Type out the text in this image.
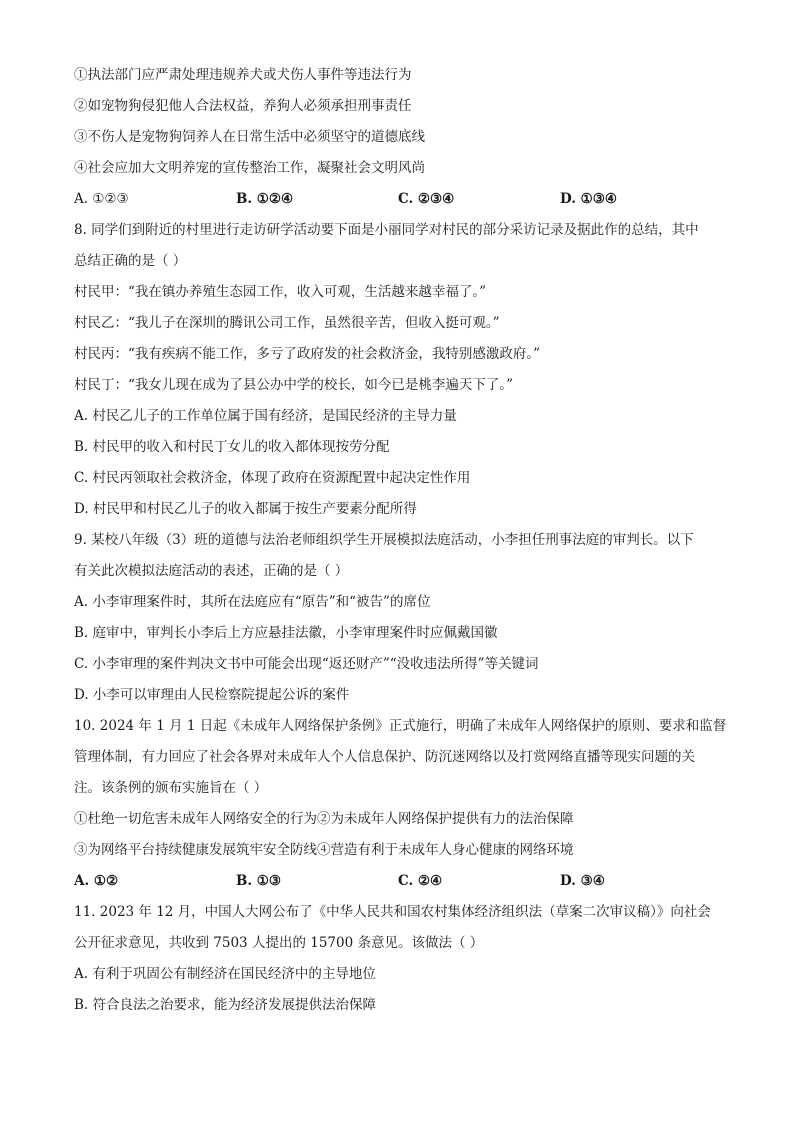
①执法部门应严肃处理违规养犬或犬伤人事件等违法行为
②如宠物狗侵犯他人合法权益，养狗人必须承担刑事责任
③不伤人是宠物狗饲养人在日常生活中必须坚守的道德底线
④社会应加大文明养宠的宣传整治工作，凝聚社会文明风尚
A. ①②③	B. ①②④	C. ②③④	D. ①③④
8. 同学们到附近的村里进行走访研学活动要下面是小丽同学对村民的部分采访记录及据此作的总结，其中
总结正确的是（ ）
村民甲：“我在镇办养殖生态园工作，收入可观，生活越来越幸福了。”
村民乙：“我儿子在深圳的腾讯公司工作，虽然很辛苦，但收入挺可观。”
村民丙：“我有疾病不能工作，多亏了政府发的社会救济金，我特别感激政府。”
村民丁：“我女儿现在成为了县公办中学的校长，如今已是桃李遍天下了。”
A. 村民乙儿子的工作单位属于国有经济，是国民经济的主导力量
B. 村民甲的收入和村民丁女儿的收入都体现按劳分配
C. 村民丙领取社会救济金，体现了政府在资源配置中起决定性作用
D. 村民甲和村民乙儿子的收入都属于按生产要素分配所得
9. 某校八年级（3）班的道德与法治老师组织学生开展模拟法庭活动，小李担任刑事法庭的审判长。以下
有关此次模拟法庭活动的表述，正确的是（ ）
A. 小李审理案件时，其所在法庭应有“原告”和“被告”的席位
B. 庭审中，审判长小李后上方应悬挂法徽，小李审理案件时应佩戴国徽
C. 小李审理的案件判决文书中可能会出现“返还财产”“没收违法所得”等关键词
D. 小李可以审理由人民检察院提起公诉的案件
10. 2024 年 1 月 1 日起《未成年人网络保护条例》正式施行，明确了未成年人网络保护的原则、要求和监督
管理体制，有力回应了社会各界对未成年人个人信息保护、防沉迷网络以及打赏网络直播等现实问题的关
注。该条例的颁布实施旨在（ ）
①杜绝一切危害未成年人网络安全的行为②为未成年人网络保护提供有力的法治保障
③为网络平台持续健康发展筑牢安全防线④营造有利于未成年人身心健康的网络环境
A. ①②	B. ①③	C. ②④	D. ③④
11. 2023 年 12 月，中国人大网公布了《中华人民共和国农村集体经济组织法（草案二次审议稿）》向社会
公开征求意见，共收到 7503 人提出的 15700 条意见。该做法（ ）
A. 有利于巩固公有制经济在国民经济中的主导地位
B. 符合良法之治要求，能为经济发展提供法治保障
